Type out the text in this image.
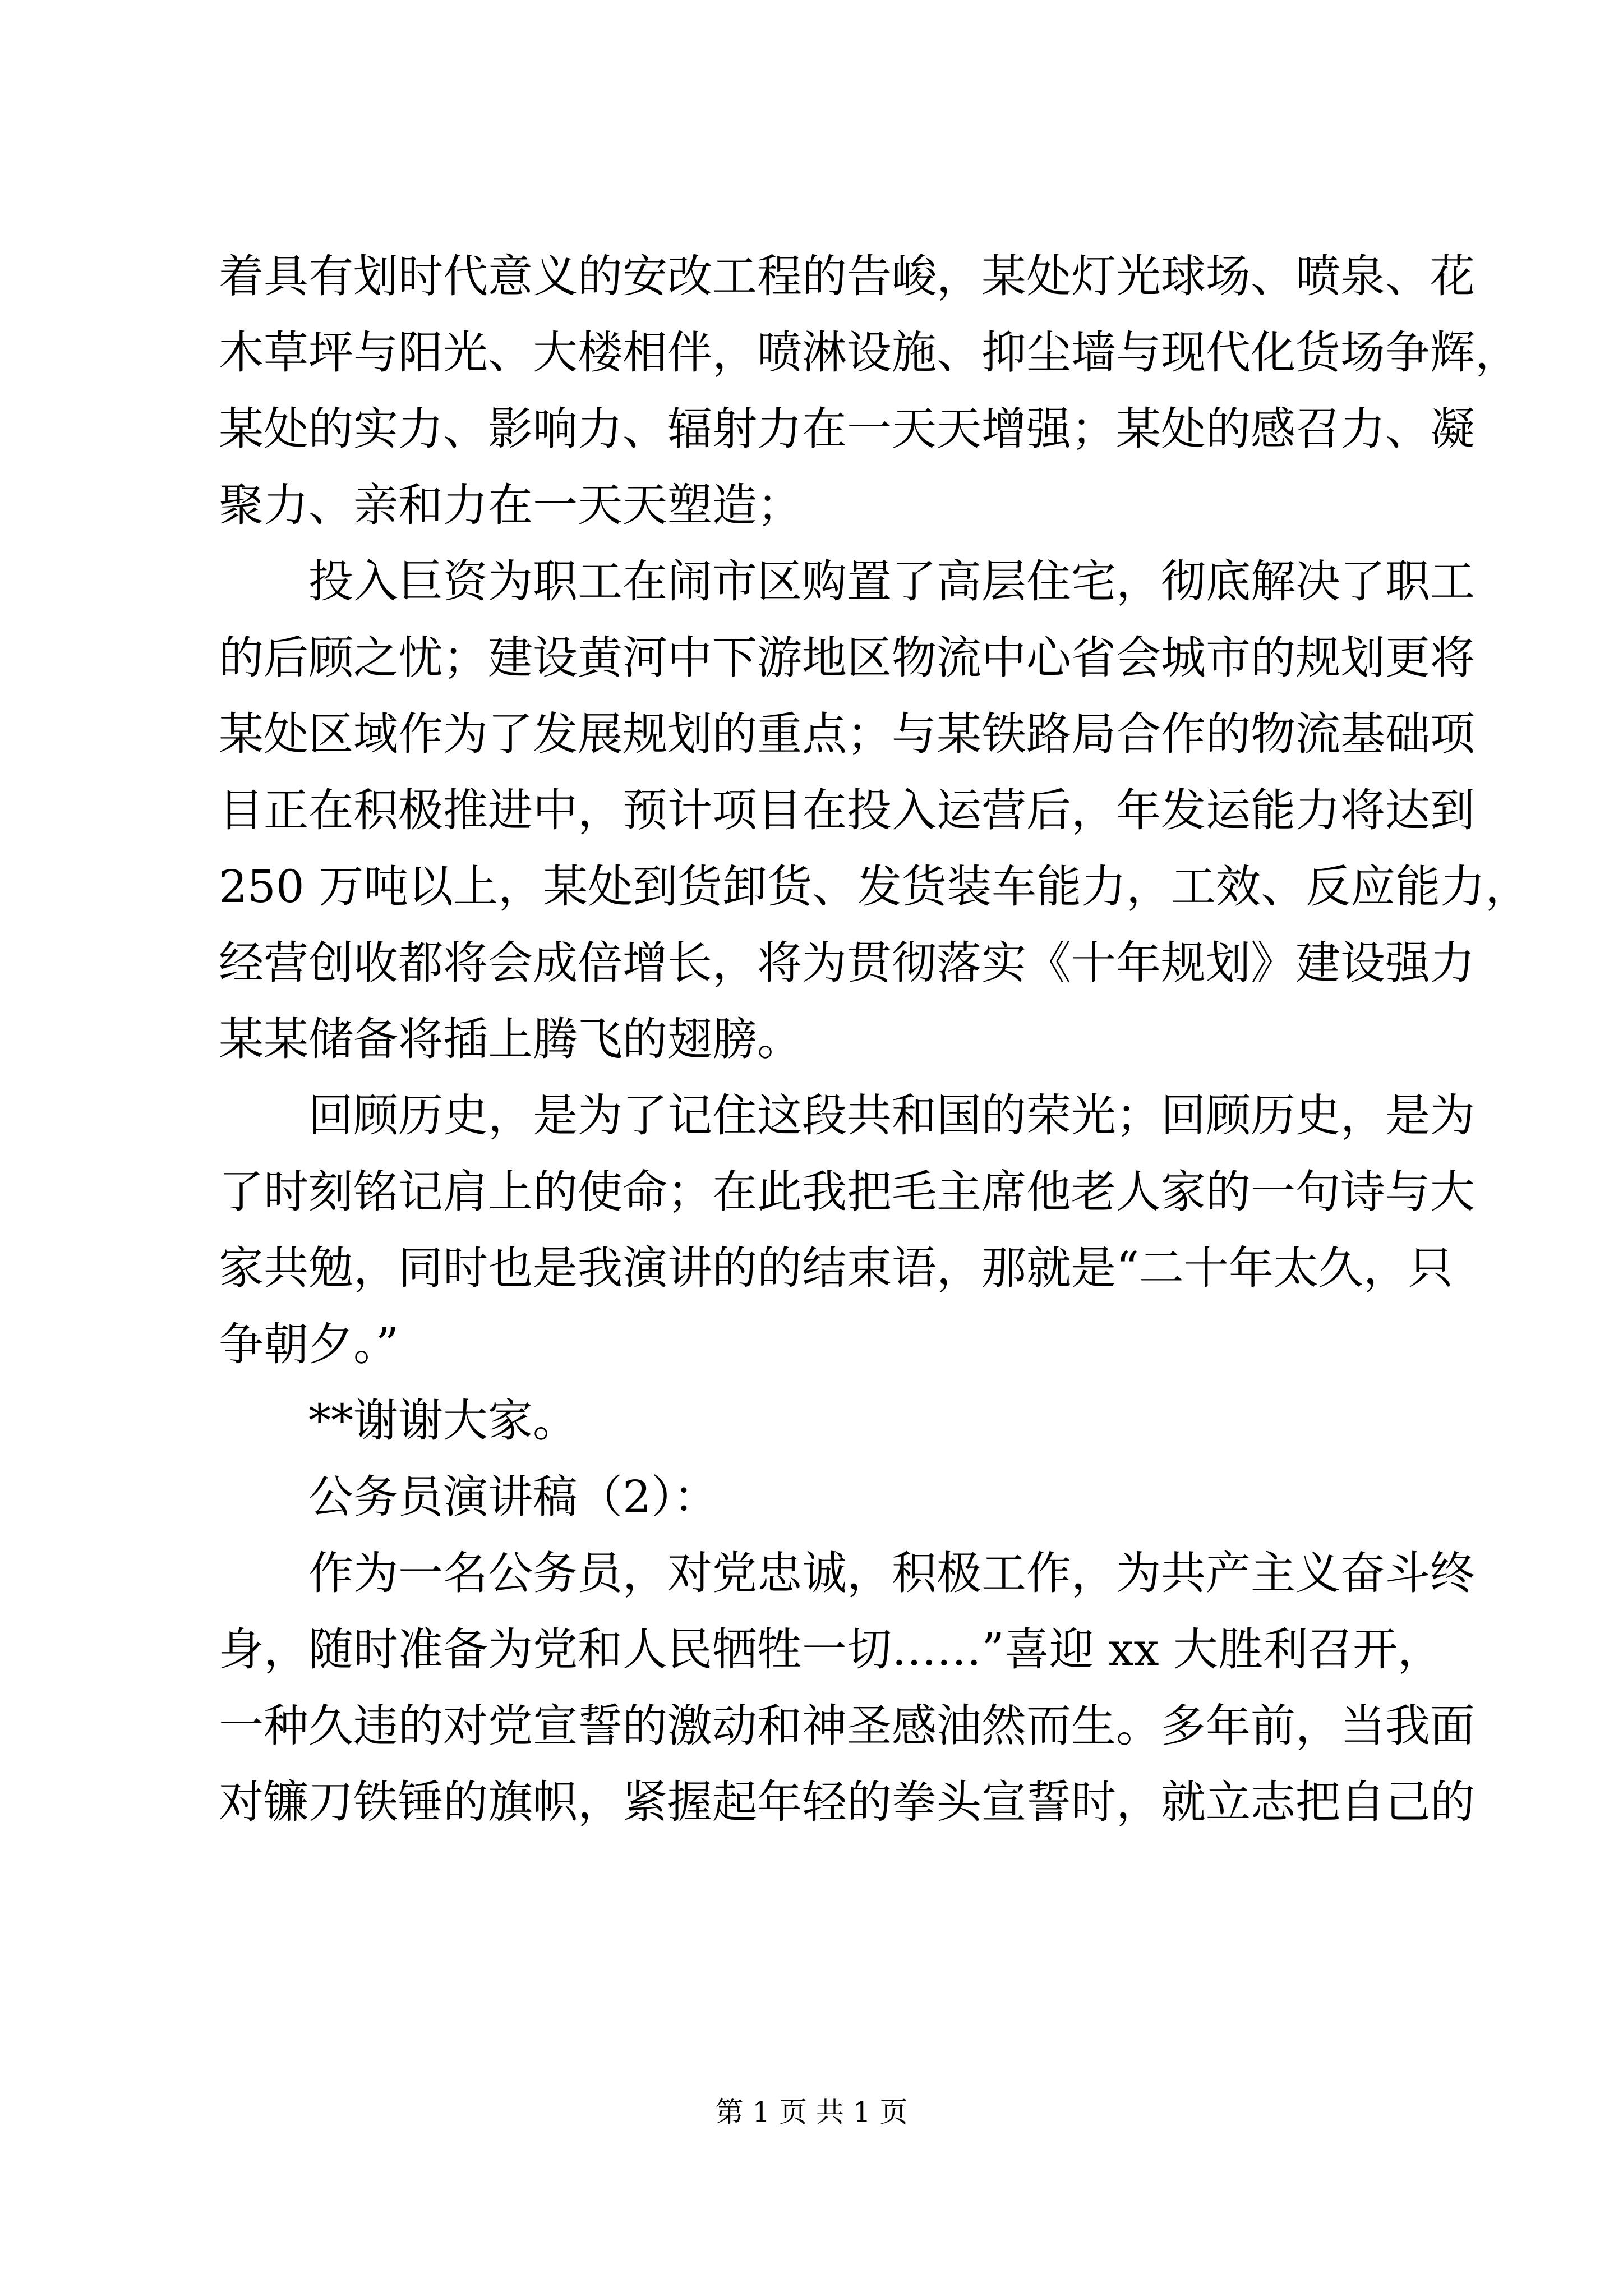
着具有划时代意义的安改工程的告峻，某处灯光球场、喷泉、花
木草坪与阳光、大楼相伴，喷淋设施、抑尘墙与现代化货场争辉，
某处的实力、影响力、辐射力在一天天增强；某处的感召力、凝
聚力、亲和力在一天天塑造；
投入巨资为职工在闹市区购置了高层住宅，彻底解决了职工
的后顾之忧；建设黄河中下游地区物流中心省会城市的规划更将
某处区域作为了发展规划的重点；与某铁路局合作的物流基础项
目正在积极推进中，预计项目在投入运营后，年发运能力将达到
250 万吨以上，某处到货卸货、发货装车能力，工效、反应能力，
经营创收都将会成倍增长，将为贯彻落实《十年规划》建设强力
某某储备将插上腾飞的翅膀。
回顾历史，是为了记住这段共和国的荣光；回顾历史，是为
了时刻铭记肩上的使命；在此我把毛主席他老人家的一句诗与大
家共勉，同时也是我演讲的的结束语，那就是“二十年太久，只
争朝夕。”
**谢谢大家。
公务员演讲稿（2）：
作为一名公务员，对党忠诚，积极工作，为共产主义奋斗终
身，随时准备为党和人民牺牲一切……”喜迎 xx 大胜利召开，
一种久违的对党宣誓的激动和神圣感油然而生。多年前，当我面
对镰刀铁锤的旗帜，紧握起年轻的拳头宣誓时，就立志把自己的
第 1 页 共 1 页
